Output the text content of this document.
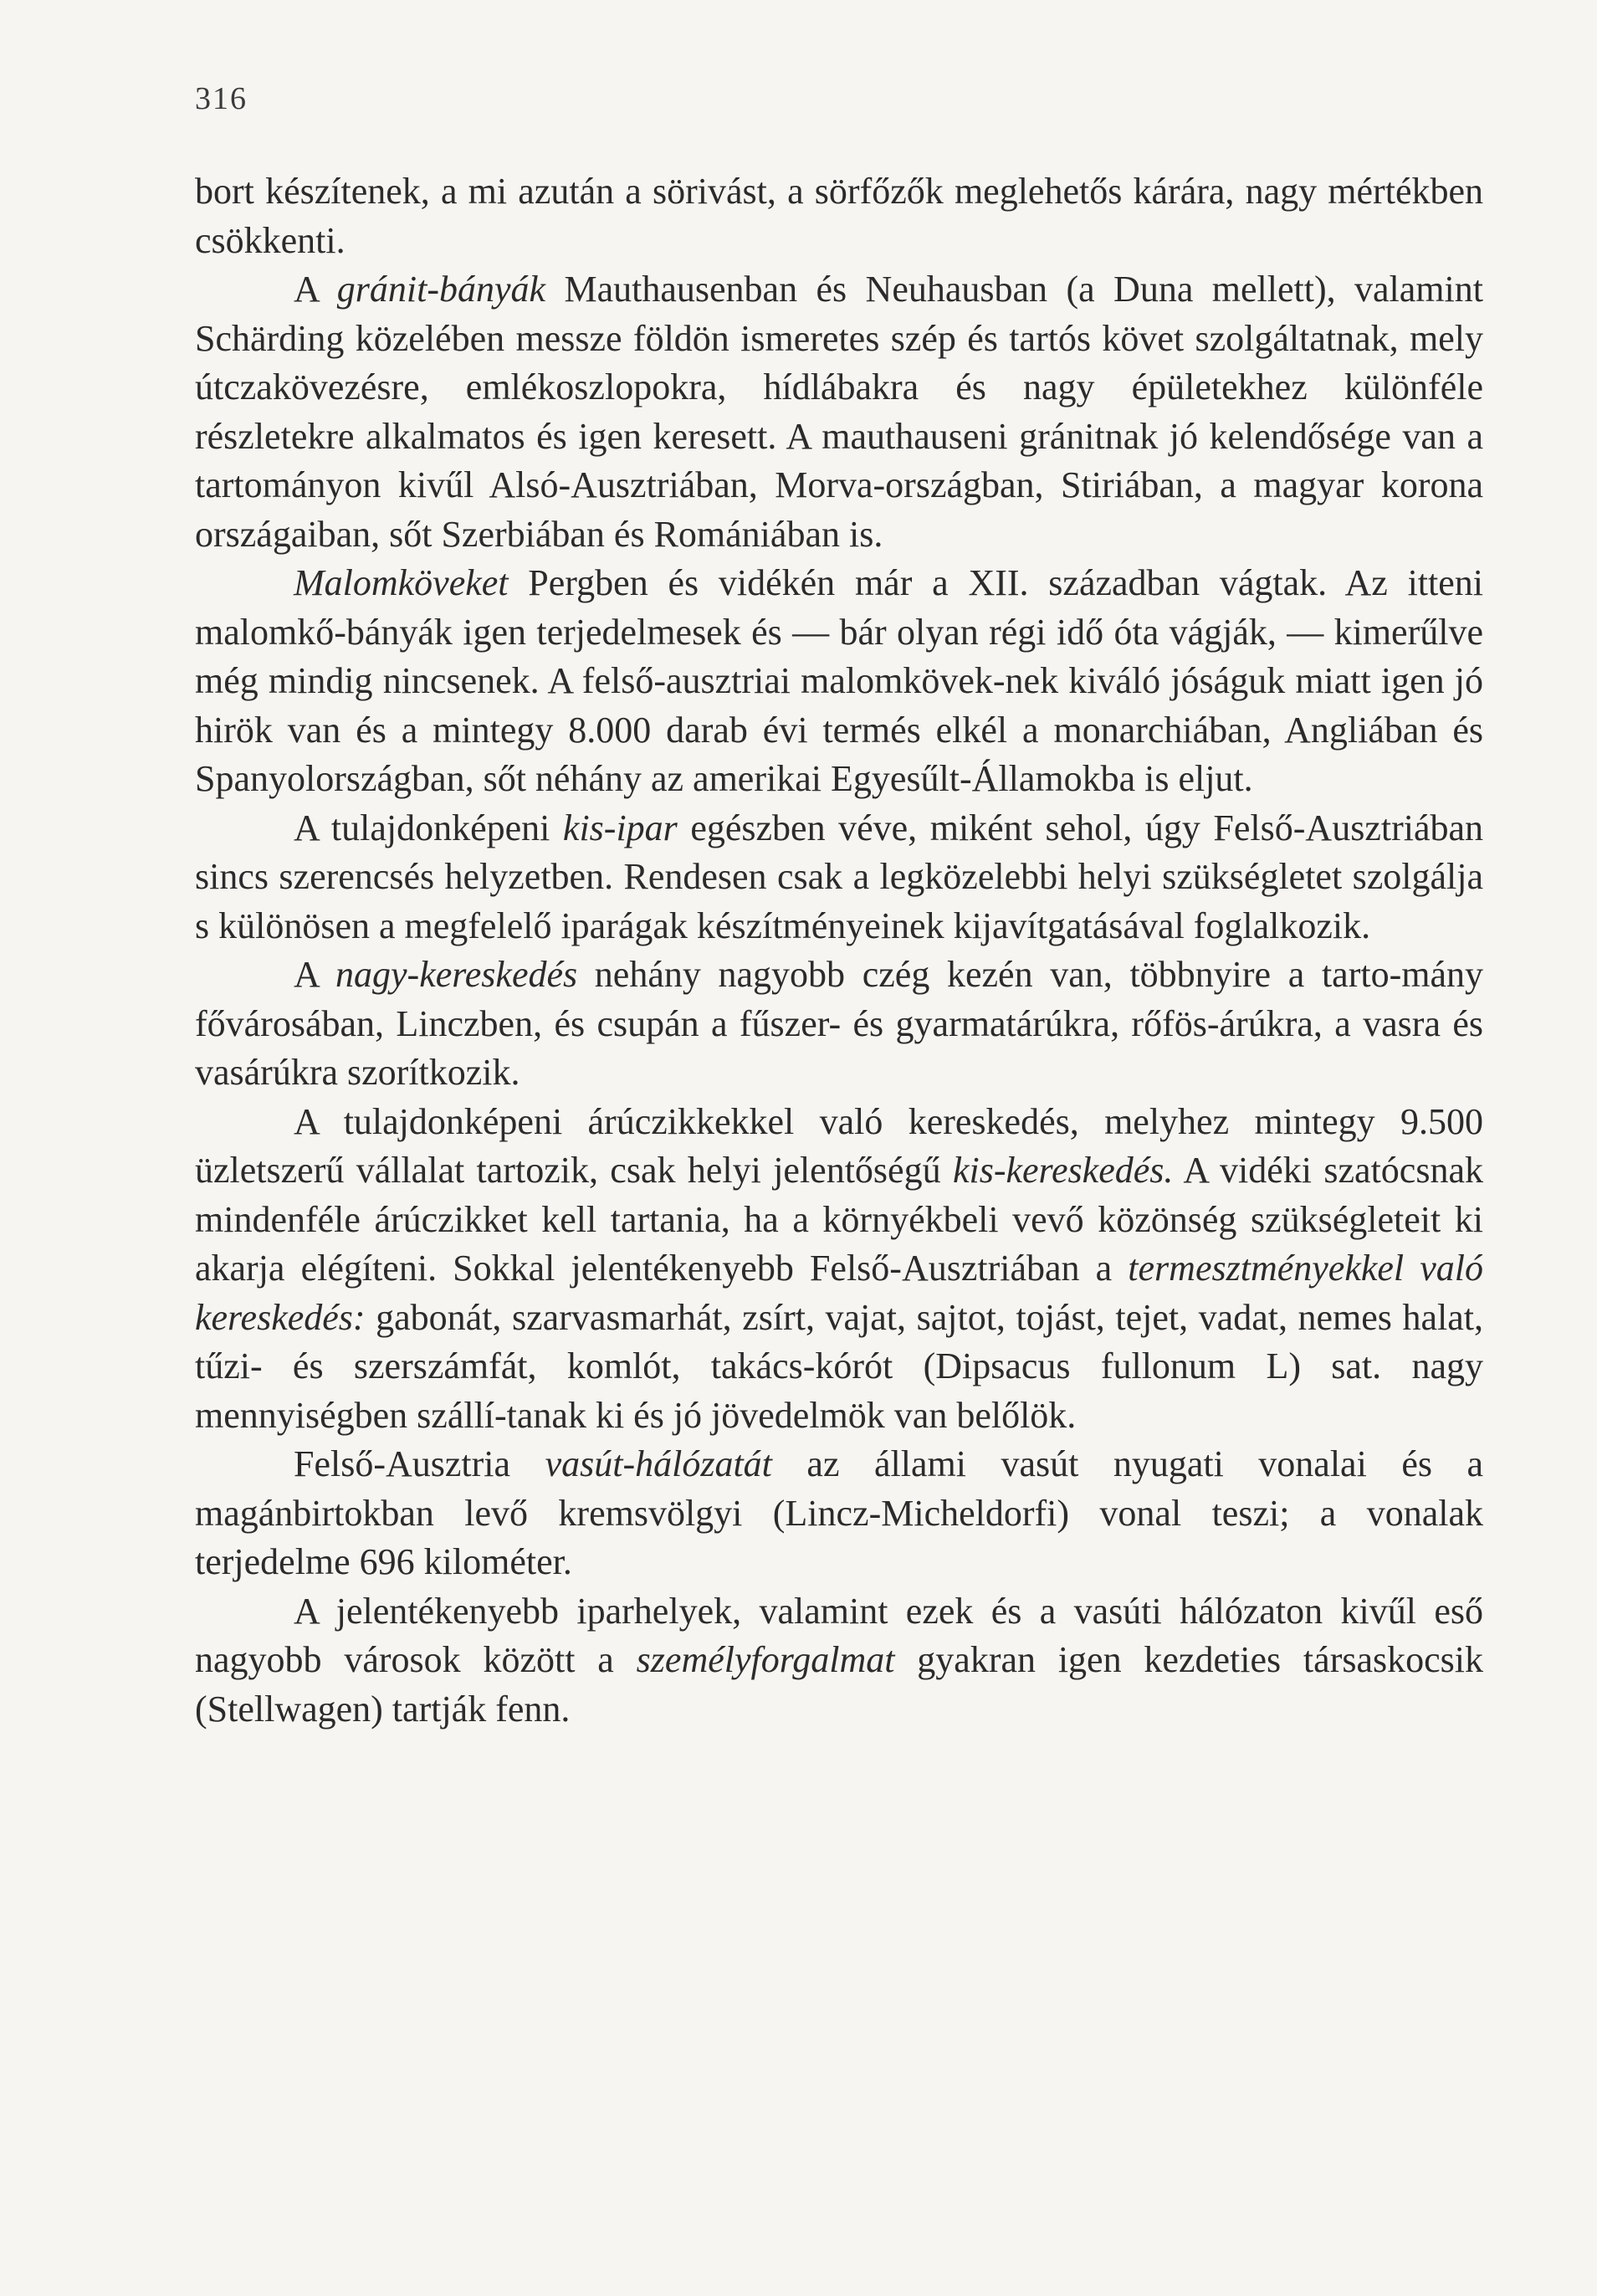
316

bort készítenek, a mi azután a sörivást, a sörfőzők meglehetős kárára, nagy mértékben csökkenti.

A gránit-bányák Mauthausenban és Neuhausban (a Duna mellett), valamint Schärding közelében messze földön ismeretes szép és tartós követ szolgáltatnak, mely útczakövezésre, emlékoszlopokra, hídlábakra és nagy épületekhez különféle részletekre alkalmatos és igen keresett. A mauthauseni gránitnak jó kelendősége van a tartományon kivűl Alsó-Ausztriában, Morva-országban, Stiriában, a magyar korona országaiban, sőt Szerbiában és Romániában is.

Malomköveket Pergben és vidékén már a XII. században vágtak. Az itteni malomkő-bányák igen terjedelmesek és — bár olyan régi idő óta vágják, — kimerűlve még mindig nincsenek. A felső-ausztriai malomkövek-nek kiváló jóságuk miatt igen jó hirök van és a mintegy 8.000 darab évi termés elkél a monarchiában, Angliában és Spanyolországban, sőt néhány az amerikai Egyesűlt-Államokba is eljut.

A tulajdonképeni kis-ipar egészben véve, miként sehol, úgy Felső-Ausztriában sincs szerencsés helyzetben. Rendesen csak a legközelebbi helyi szükségletet szolgálja s különösen a megfelelő iparágak készítményeinek kijavítgatásával foglalkozik.

A nagy-kereskedés nehány nagyobb czég kezén van, többnyire a tarto-mány fővárosában, Linczben, és csupán a fűszer- és gyarmatárúkra, rőfös-árúkra, a vasra és vasárúkra szorítkozik.

A tulajdonképeni árúczikkekkel való kereskedés, melyhez mintegy 9.500 üzletszerű vállalat tartozik, csak helyi jelentőségű kis-kereskedés. A vidéki szatócsnak mindenféle árúczikket kell tartania, ha a környékbeli vevő közönség szükségleteit ki akarja elégíteni. Sokkal jelentékenyebb Felső-Ausztriában a termesztményekkel való kereskedés: gabonát, szarvasmarhát, zsírt, vajat, sajtot, tojást, tejet, vadat, nemes halat, tűzi- és szerszámfát, komlót, takács-kórót (Dipsacus fullonum L) sat. nagy mennyiségben szállí-tanak ki és jó jövedelmök van belőlök.

Felső-Ausztria vasút-hálózatát az állami vasút nyugati vonalai és a magánbirtokban levő kremsvölgyi (Lincz-Micheldorfi) vonal teszi; a vonalak terjedelme 696 kilométer.

A jelentékenyebb iparhelyek, valamint ezek és a vasúti hálózaton kivűl eső nagyobb városok között a személyforgalmat gyakran igen kezdeties társaskocsik (Stellwagen) tartják fenn.
